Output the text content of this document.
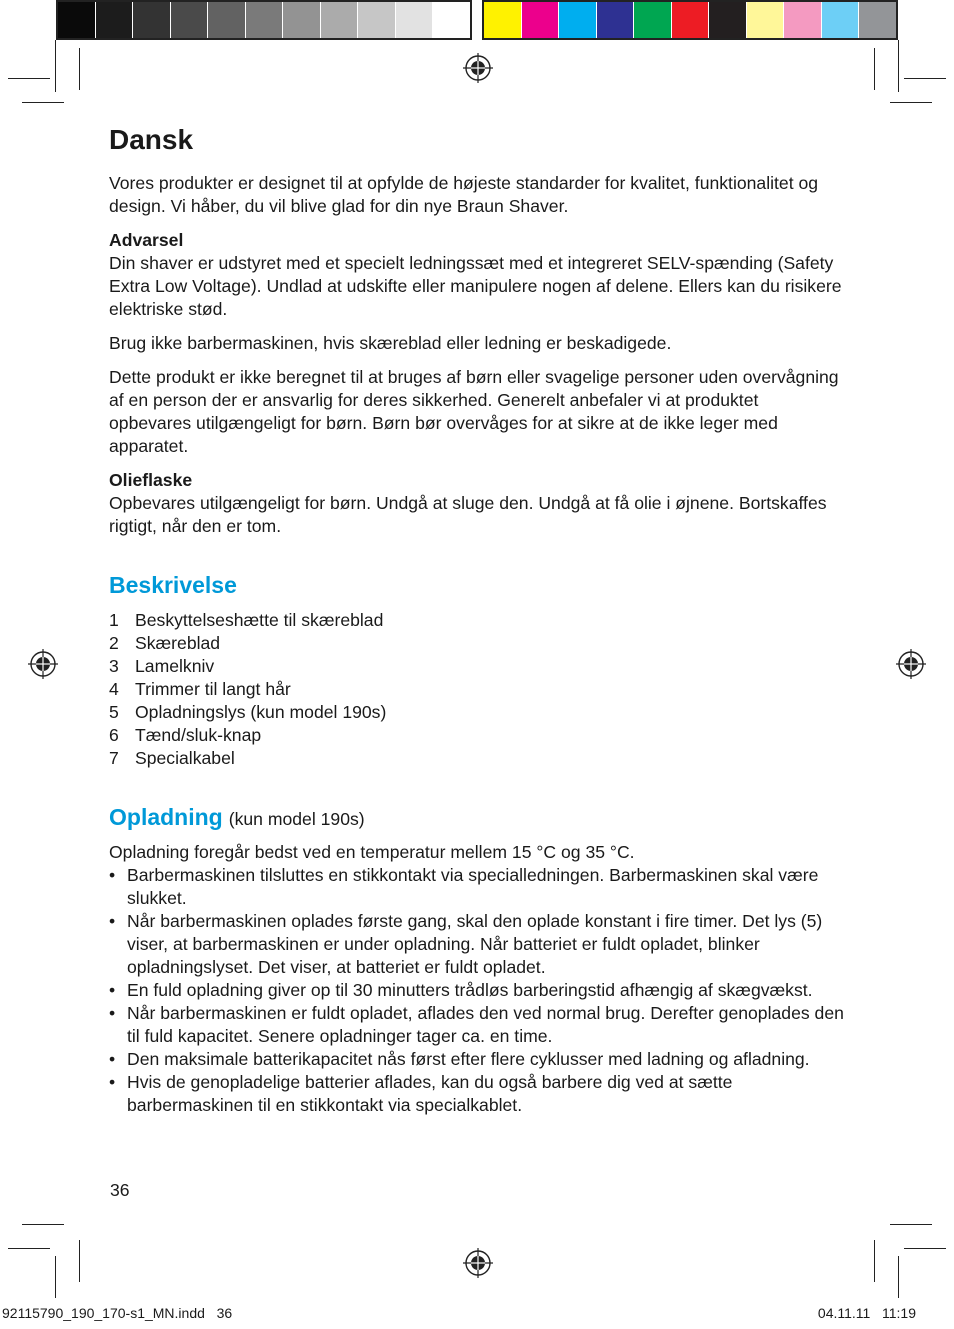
Dansk

Vores produkter er designet til at opfylde de højeste standarder for kvalitet, funktionalitet og design. Vi håber, du vil blive glad for din nye Braun Shaver.

Advarsel

Din shaver er udstyret med et specielt ledningssæt med et integreret SELV-spænding (Safety Extra Low Voltage). Undlad at udskifte eller manipulere nogen af delene. Ellers kan du risikere elektriske stød.

Brug ikke barbermaskinen, hvis skæreblad eller ledning er beskadigede.

Dette produkt er ikke beregnet til at bruges af børn eller svagelige personer uden overvågning af en person der er ansvarlig for deres sikkerhed. Generelt anbefaler vi at produktet opbevares utilgængeligt for børn. Børn bør overvåges for at sikre at de ikke leger med apparatet.

Olieflaske

Opbevares utilgængeligt for børn. Undgå at sluge den. Undgå at få olie i øjnene. Bortskaffes rigtigt, når den er tom.

Beskrivelse
1 Beskyttelseshætte til skæreblad
2 Skæreblad
3 Lamelkniv
4 Trimmer til langt hår
5 Opladningslys (kun model 190s)
6 Tænd/sluk-knap
7 Specialkabel
Opladning (kun model 190s)

Opladning foregår bedst ved en temperatur mellem 15 °C og 35 °C.

• Barbermaskinen tilsluttes en stikkontakt via specialledningen. Barbermaskinen skal være slukket.
• Når barbermaskinen oplades første gang, skal den oplade konstant i fire timer. Det lys (5) viser, at barbermaskinen er under opladning. Når batteriet er fuldt opladet, blinker opladningslyset. Det viser, at batteriet er fuldt opladet.
• En fuld opladning giver op til 30 minutters trådløs barberingstid afhængig af skægvækst.
• Når barbermaskinen er fuldt opladet, aflades den ved normal brug. Derefter genoplades den til fuld kapacitet. Senere opladninger tager ca. en time.
• Den maksimale batterikapacitet nås først efter flere cyklusser med ladning og afladning.
• Hvis de genopladelige batterier aflades, kan du også barbere dig ved at sætte barbermaskinen til en stikkontakt via specialkablet.
36
92115790_190_170-s1_MN.indd   36	04.11.11   11:19
